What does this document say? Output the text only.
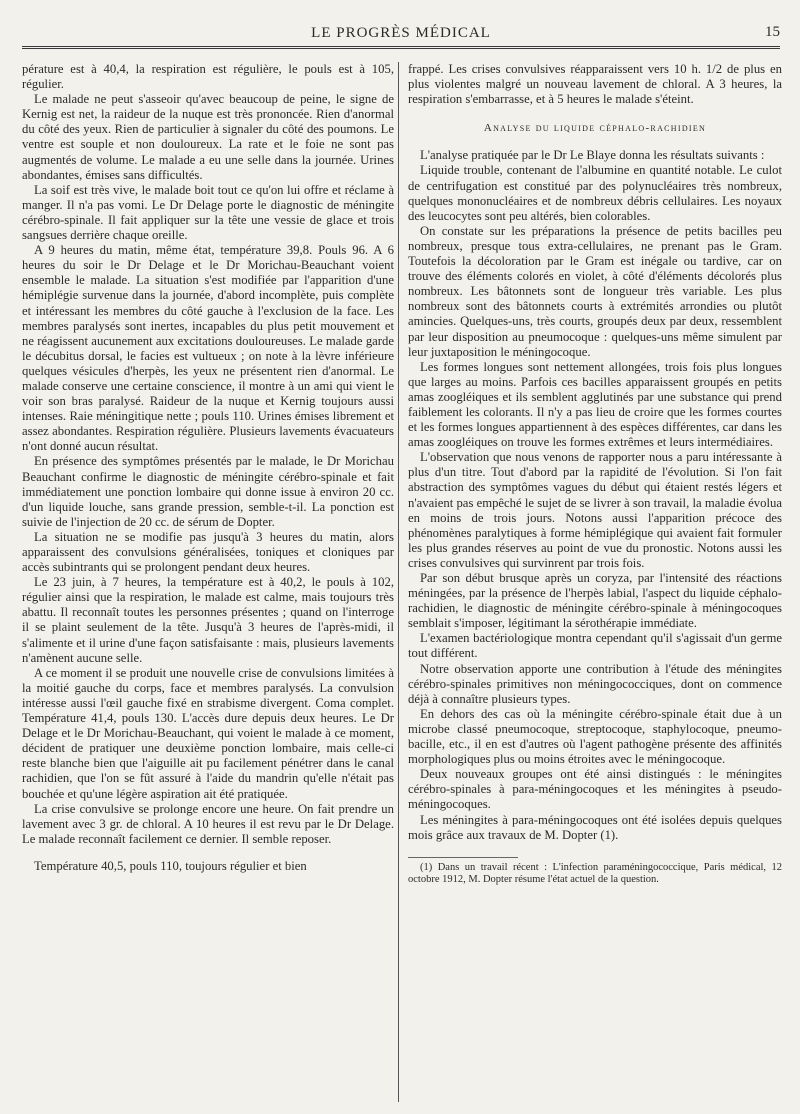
LE PROGRÈS MÉDICAL	15

pérature est à 40,4, la respiration est régulière, le pouls est à 105, régulier.

Le malade ne peut s'asseoir qu'avec beaucoup de peine, le signe de Kernig est net, la raideur de la nuque est très prononcée. Rien d'anormal du côté des yeux. Rien de particulier à signaler du côté des poumons. Le ventre est souple et non douloureux. La rate et le foie ne sont pas augmentés de volume. Le malade a eu une selle dans la journée. Urines abondantes, émises sans difficultés.

La soif est très vive, le malade boit tout ce qu'on lui offre et réclame à manger. Il n'a pas vomi. Le Dr Delage porte le diagnostic de méningite cérébro-spinale. Il fait appliquer sur la tête une vessie de glace et trois sangsues derrière chaque oreille.

A 9 heures du matin, même état, température 39,8. Pouls 96. A 6 heures du soir le Dr Delage et le Dr Morichau-Beauchant voient ensemble le malade. La situation s'est modifiée par l'apparition d'une hémiplégie survenue dans la journée, d'abord incomplète, puis complète et intéressant les membres du côté gauche à l'exclusion de la face. Les membres paralysés sont inertes, incapables du plus petit mouvement et ne réagissent aucunement aux excitations douloureuses. Le malade garde le décubitus dorsal, le facies est vultueux ; on note à la lèvre inférieure quelques vésicules d'herpès, les yeux ne présentent rien d'anormal. Le malade conserve une certaine conscience, il montre à un ami qui vient le voir son bras paralysé. Raideur de la nuque et Kernig toujours aussi intenses. Raie méningitique nette ; pouls 110. Urines émises librement et assez abondantes. Respiration régulière. Plusieurs lavements évacuateurs n'ont donné aucun résultat.

En présence des symptômes présentés par le malade, le Dr Morichau Beauchant confirme le diagnostic de méningite cérébro-spinale et fait immédiatement une ponction lombaire qui donne issue à environ 20 cc. d'un liquide louche, sans grande pression, semble-t-il. La ponction est suivie de l'injection de 20 cc. de sérum de Dopter.

La situation ne se modifie pas jusqu'à 3 heures du matin, alors apparaissent des convulsions généralisées, toniques et cloniques par accès subintrants qui se prolongent pendant deux heures.

Le 23 juin, à 7 heures, la température est à 40,2, le pouls à 102, régulier ainsi que la respiration, le malade est calme, mais toujours très abattu. Il reconnaît toutes les personnes présentes ; quand on l'interroge il se plaint seulement de la tête. Jusqu'à 3 heures de l'après-midi, il s'alimente et il urine d'une façon satisfaisante : mais, plusieurs lavements n'amènent aucune selle.

A ce moment il se produit une nouvelle crise de convulsions limitées à la moitié gauche du corps, face et membres paralysés. La convulsion intéresse aussi l'œil gauche fixé en strabisme divergent. Coma complet. Température 41,4, pouls 130. L'accès dure depuis deux heures. Le Dr Delage et le Dr Morichau-Beauchant, qui voient le malade à ce moment, décident de pratiquer une deuxième ponction lombaire, mais celle-ci reste blanche bien que l'aiguille ait pu facilement pénétrer dans le canal rachidien, que l'on se fût assuré à l'aide du mandrin qu'elle n'était pas bouchée et qu'une légère aspiration ait été pratiquée.

La crise convulsive se prolonge encore une heure. On fait prendre un lavement avec 3 gr. de chloral. A 10 heures il est revu par le Dr Delage. Le malade reconnaît facilement ce dernier. Il semble reposer.

Température 40,5, pouls 110, toujours régulier et bien

frappé. Les crises convulsives réapparaissent vers 10 h. 1/2 de plus en plus violentes malgré un nouveau lavement de chloral. A 3 heures, la respiration s'embarrasse, et à 5 heures le malade s'éteint.

Analyse du liquide céphalo-rachidien

L'analyse pratiquée par le Dr Le Blaye donna les résultats suivants :

Liquide trouble, contenant de l'albumine en quantité notable. Le culot de centrifugation est constitué par des polynucléaires très nombreux, quelques mononucléaires et de nombreux débris cellulaires. Les noyaux des leucocytes sont peu altérés, bien colorables.

On constate sur les préparations la présence de petits bacilles peu nombreux, presque tous extra-cellulaires, ne prenant pas le Gram. Toutefois la décoloration par le Gram est inégale ou tardive, car on trouve des éléments colorés en violet, à côté d'éléments décolorés plus nombreux. Les bâtonnets sont de longueur très variable. Les plus nombreux sont des bâtonnets courts à extrémités arrondies ou plutôt amincies. Quelques-uns, très courts, groupés deux par deux, ressemblent par leur disposition au pneumocoque : quelques-uns même simulent par leur juxtaposition le méningocoque.

Les formes longues sont nettement allongées, trois fois plus longues que larges au moins. Parfois ces bacilles apparaissent groupés en petits amas zoogléiques et ils semblent agglutinés par une substance qui prend faiblement les colorants. Il n'y a pas lieu de croire que les formes courtes et les formes longues appartiennent à des espèces différentes, car dans les amas zoogléiques on trouve les formes extrêmes et leurs intermédiaires.

L'observation que nous venons de rapporter nous a paru intéressante à plus d'un titre. Tout d'abord par la rapidité de l'évolution. Si l'on fait abstraction des symptômes vagues du début qui étaient restés légers et n'avaient pas empêché le sujet de se livrer à son travail, la maladie évolua en moins de trois jours. Notons aussi l'apparition précoce des phénomènes paralytiques à forme hémiplégique qui avaient fait formuler les plus grandes réserves au point de vue du pronostic. Notons aussi les crises convulsives qui survinrent par trois fois.

Par son début brusque après un coryza, par l'intensité des réactions méningées, par la présence de l'herpès labial, l'aspect du liquide céphalo-rachidien, le diagnostic de méningite cérébro-spinale à méningocoques semblait s'imposer, légitimant la sérothérapie immédiate.

L'examen bactériologique montra cependant qu'il s'agissait d'un germe tout différent.

Notre observation apporte une contribution à l'étude des méningites cérébro-spinales primitives non méningococciques, dont on commence déjà à connaître plusieurs types.

En dehors des cas où la méningite cérébro-spinale était due à un microbe classé pneumocoque, streptocoque, staphylocoque, pneumo-bacille, etc., il en est d'autres où l'agent pathogène présente des affinités morphologiques plus ou moins étroites avec le méningocoque.

Deux nouveaux groupes ont été ainsi distingués : le méningites cérébro-spinales à para-méningocoques et les méningites à pseudo-méningocoques.

Les méningites à para-méningocoques ont été isolées depuis quelques mois grâce aux travaux de M. Dopter (1).

(1) Dans un travail récent : L'infection paraméningococcique, Paris médical, 12 octobre 1912, M. Dopter résume l'état actuel de la question.
